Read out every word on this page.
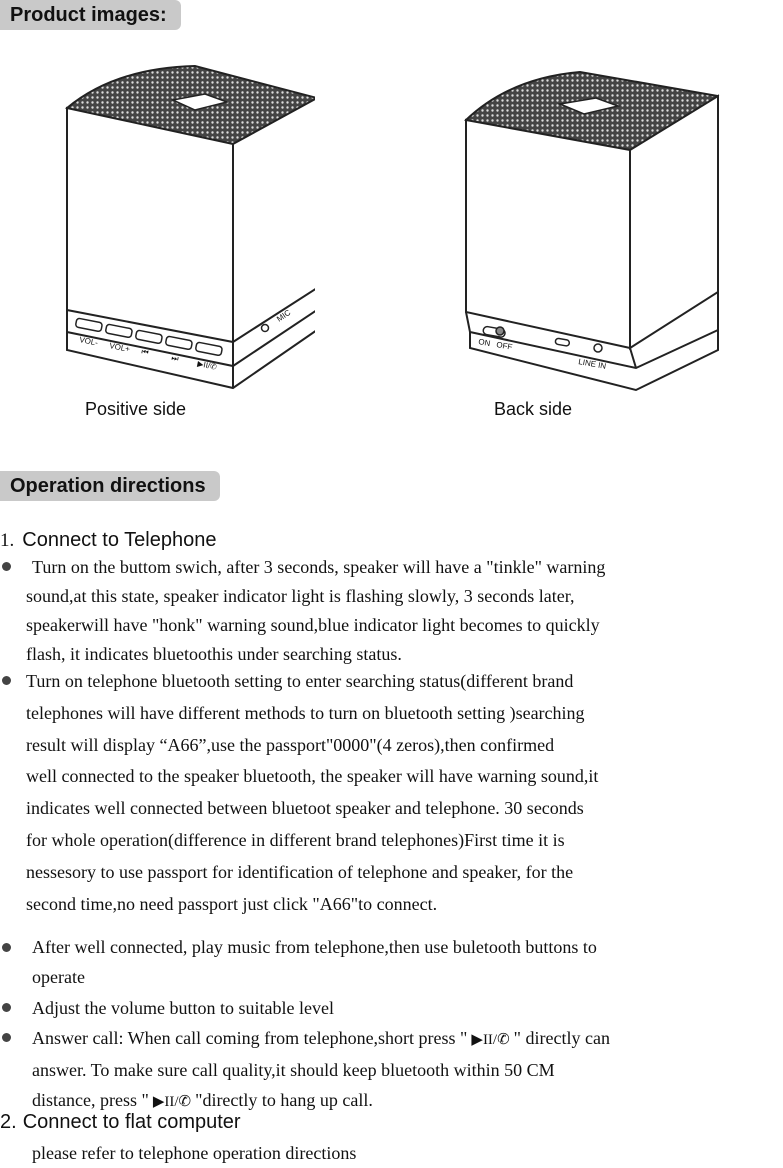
Product images:
VOL- VOL+ ⏮
⏭
▶II/✆
MIC
ON OFF
LINE IN
Positive side	Back side
Operation directions
1. Connect to Telephone
Turn on the buttom swich, after 3 seconds, speaker will have a "tinkle" warning
sound,at this state, speaker indicator light is flashing slowly, 3 seconds later,
speakerwill have "honk" warning sound,blue indicator light becomes to quickly
flash, it indicates bluetoothis under searching status.
Turn on telephone bluetooth setting to enter searching status(different brand
telephones will have different methods to turn on bluetooth setting )searching
result will display “A66”,use the passport"0000"(4 zeros),then confirmed
well connected to the speaker bluetooth, the speaker will have warning sound,it
indicates well connected between bluetoot speaker and telephone. 30 seconds
for whole operation(difference in different brand telephones)First time it is
nessesory to use passport for identification of telephone and speaker, for the
second time,no need passport just click "A66"to connect.
After well connected, play music from telephone,then use buletooth buttons to
operate
Adjust the volume button to suitable level
Answer call: When call coming from telephone,short press " ▶II/✆ " directly can
answer. To make sure call quality,it should keep bluetooth within 50 CM
distance, press " ▶II/✆ "directly to hang up call.
2. Connect to flat computer
please refer to telephone operation directions
